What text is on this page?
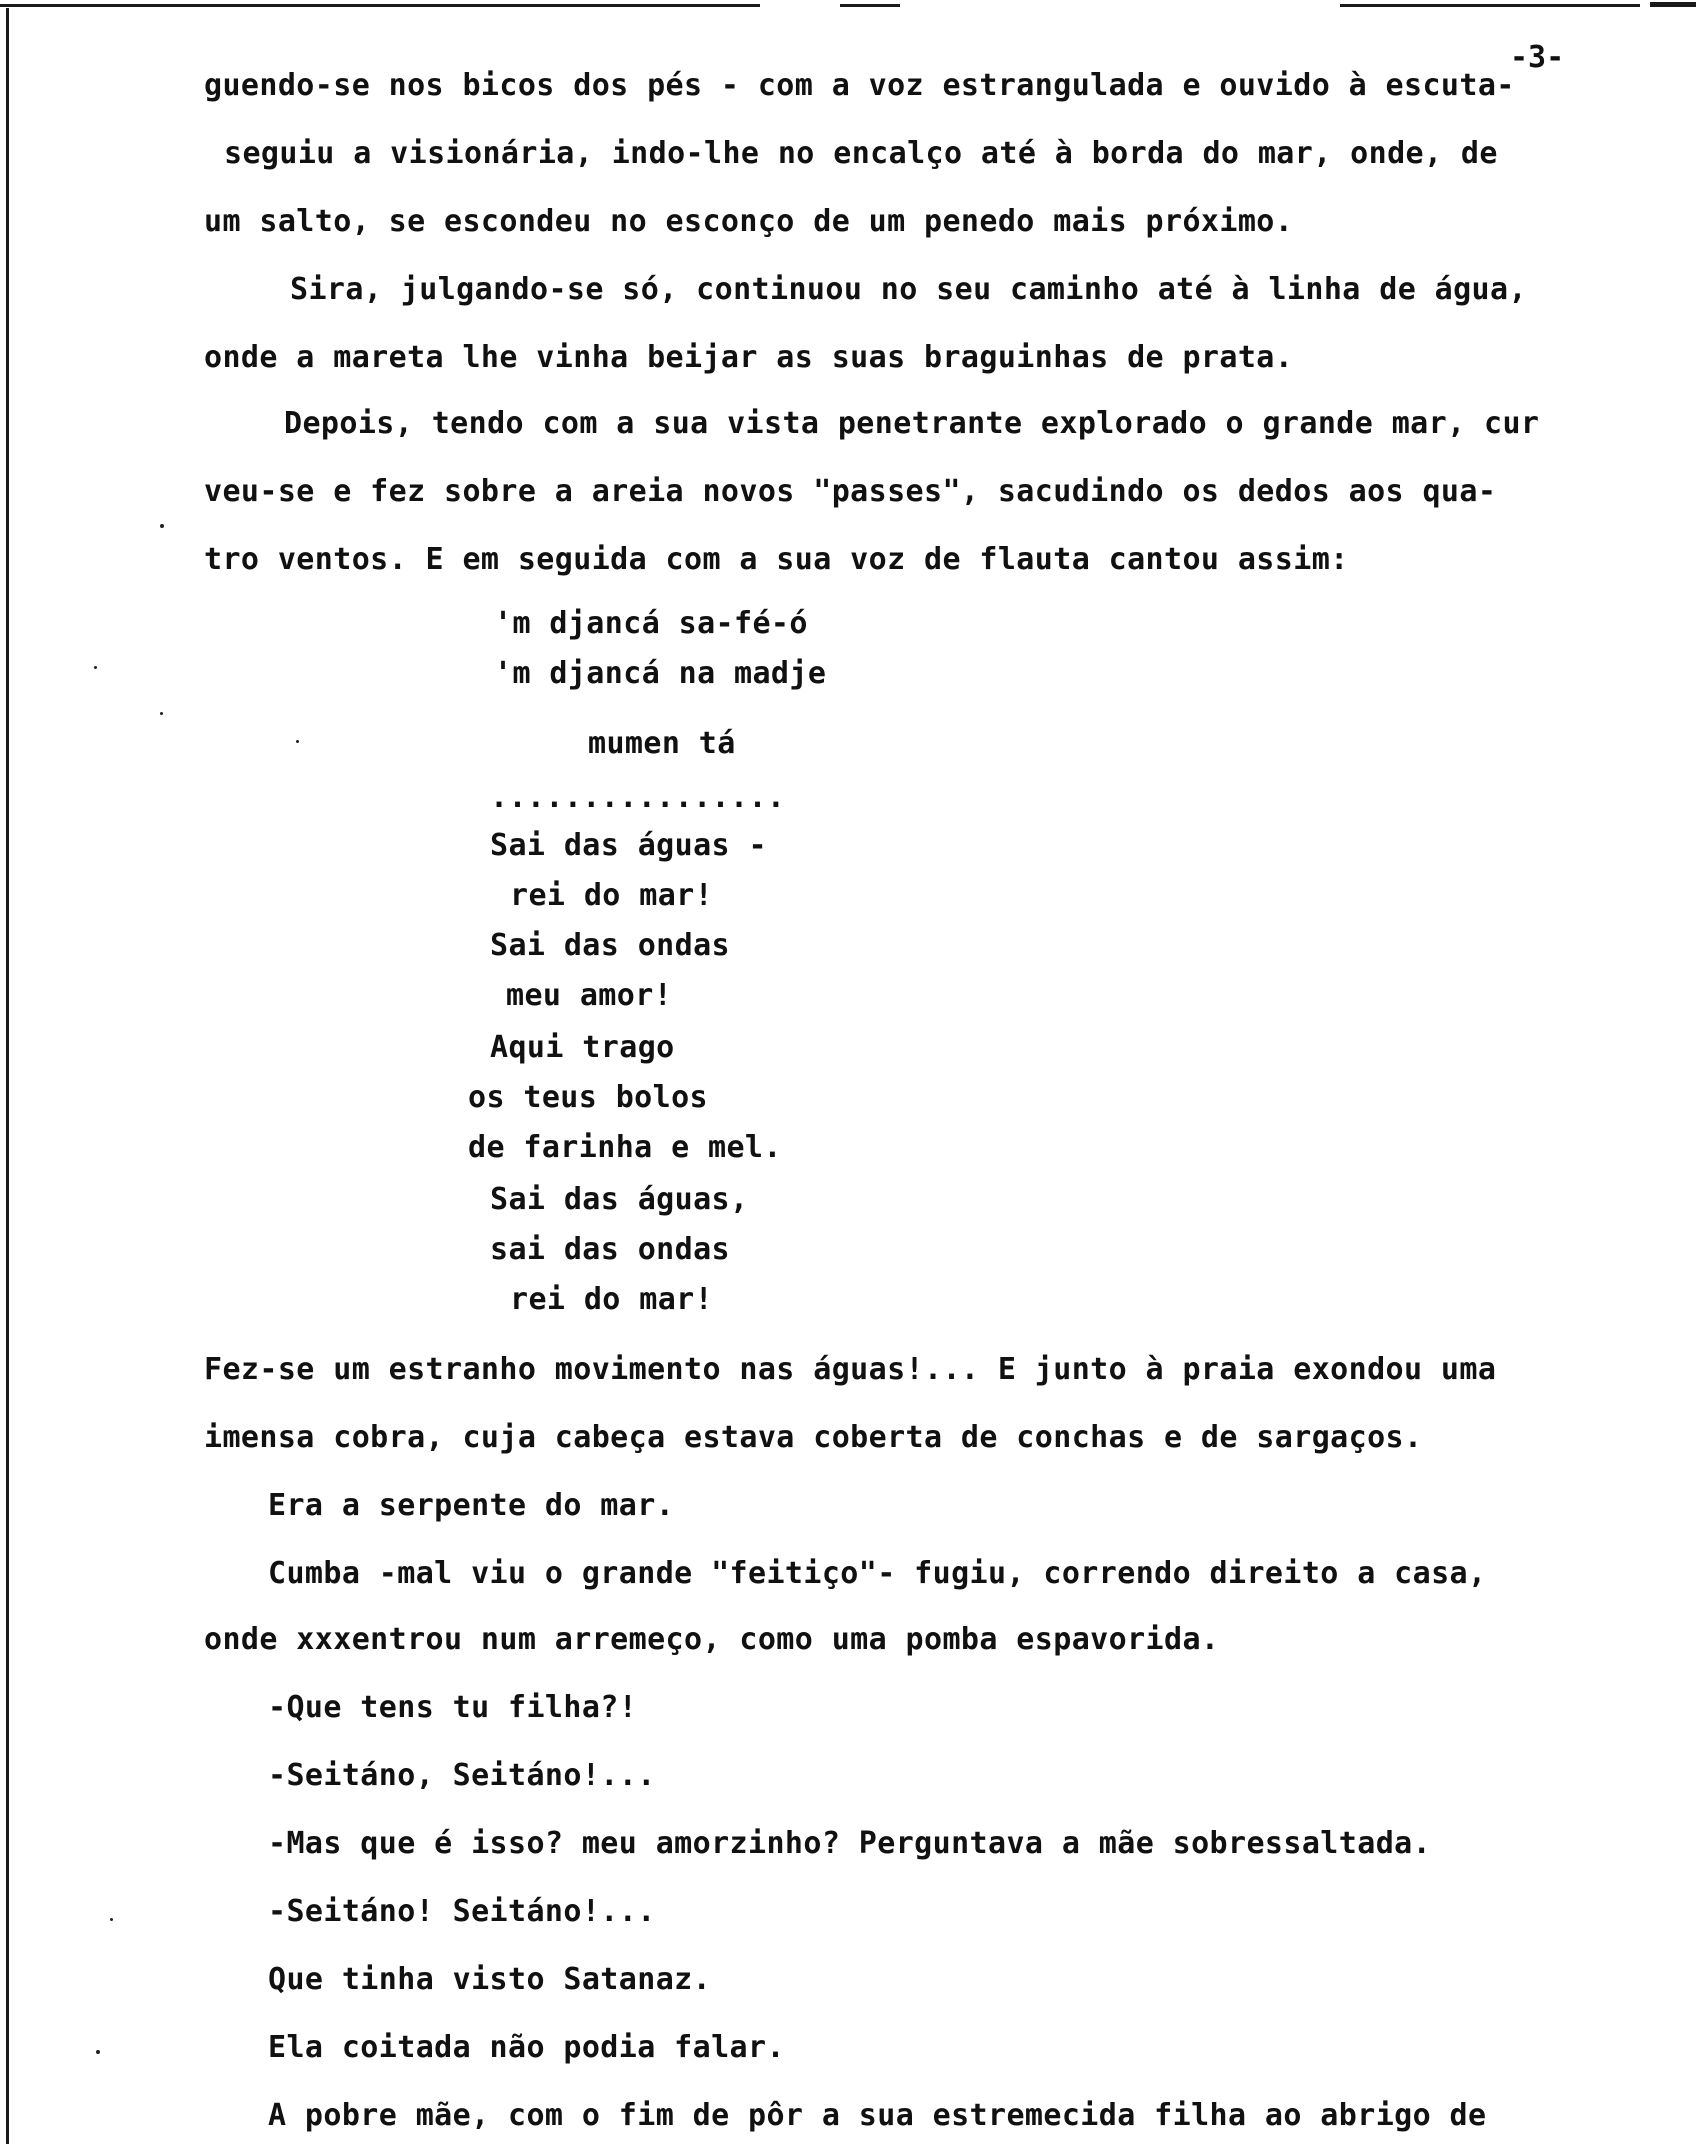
-3-
guendo-se nos bicos dos pés - com a voz estrangulada e ouvido à escuta-
seguiu a visionária, indo-lhe no encalço até à borda do mar, onde, de
um salto, se escondeu no esconço de um penedo mais próximo.
Sira, julgando-se só, continuou no seu caminho até à linha de água,
onde a mareta lhe vinha beijar as suas braguinhas de prata.
Depois, tendo com a sua vista penetrante explorado o grande mar, cur
veu-se e fez sobre a areia novos "passes", sacudindo os dedos aos qua-
tro ventos. E em seguida com a sua voz de flauta cantou assim:
'm djancá sa-fé-ó
'm djancá na madje
mumen tá
................
Sai das águas -
rei do mar!
Sai das ondas
meu amor!
Aqui trago
os teus bolos
de farinha e mel.
Sai das águas,
sai das ondas
rei do mar!
Fez-se um estranho movimento nas águas!... E junto à praia exondou uma
imensa cobra, cuja cabeça estava coberta de conchas e de sargaços.
Era a serpente do mar.
Cumba -mal viu o grande "feitiço"- fugiu, correndo direito a casa,
onde xxxentrou num arremeço, como uma pomba espavorida.
-Que tens tu filha?!
-Seitáno, Seitáno!...
-Mas que é isso? meu amorzinho? Perguntava a mãe sobressaltada.
-Seitáno! Seitáno!...
Que tinha visto Satanaz.
Ela coitada não podia falar.
A pobre mãe, com o fim de pôr a sua estremecida filha ao abrigo de
